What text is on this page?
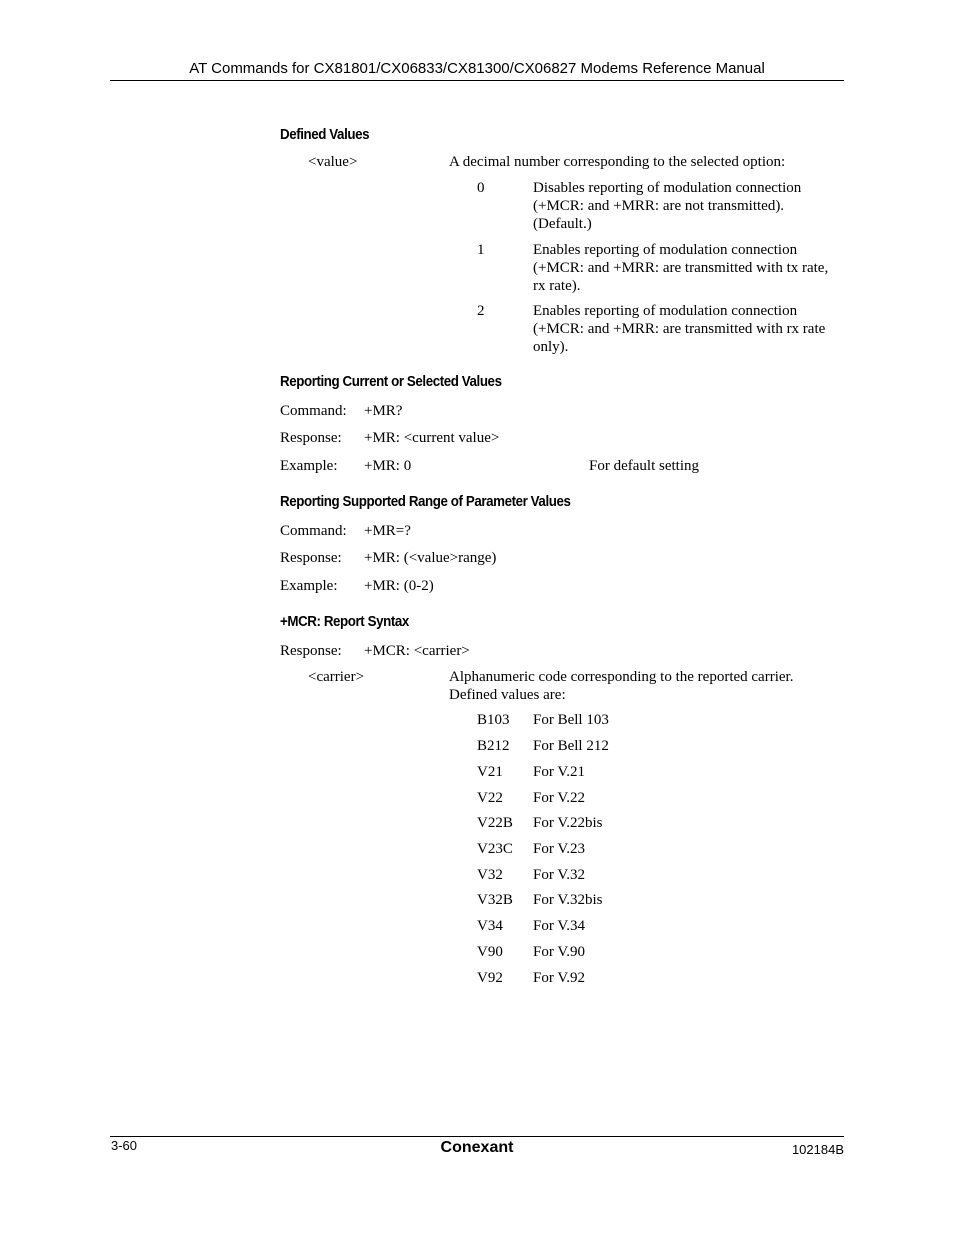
AT Commands for CX81801/CX06833/CX81300/CX06827 Modems Reference Manual
Defined Values
<value>	A decimal number corresponding to the selected option:
0	Disables reporting of modulation connection
(+MCR: and +MRR: are not transmitted).
(Default.)
1	Enables reporting of modulation connection
(+MCR: and +MRR: are transmitted with tx rate,
rx rate).
2	Enables reporting of modulation connection
(+MCR: and +MRR: are transmitted with rx rate
only).
Reporting Current or Selected Values
Command: +MR?
Response: +MR: <current value>
Example: +MR: 0	For default setting
Reporting Supported Range of Parameter Values
Command: +MR=?
Response: +MR: (<value>range)
Example: +MR: (0-2)
+MCR: Report Syntax
Response: +MCR: <carrier>
<carrier>	Alphanumeric code corresponding to the reported carrier.
Defined values are:
B103 For Bell 103
B212 For Bell 212
V21 For V.21
V22 For V.22
V22B For V.22bis
V23C For V.23
V32 For V.32
V32B For V.32bis
V34 For V.34
V90 For V.90
V92 For V.92
3-60	Conexant	102184B
